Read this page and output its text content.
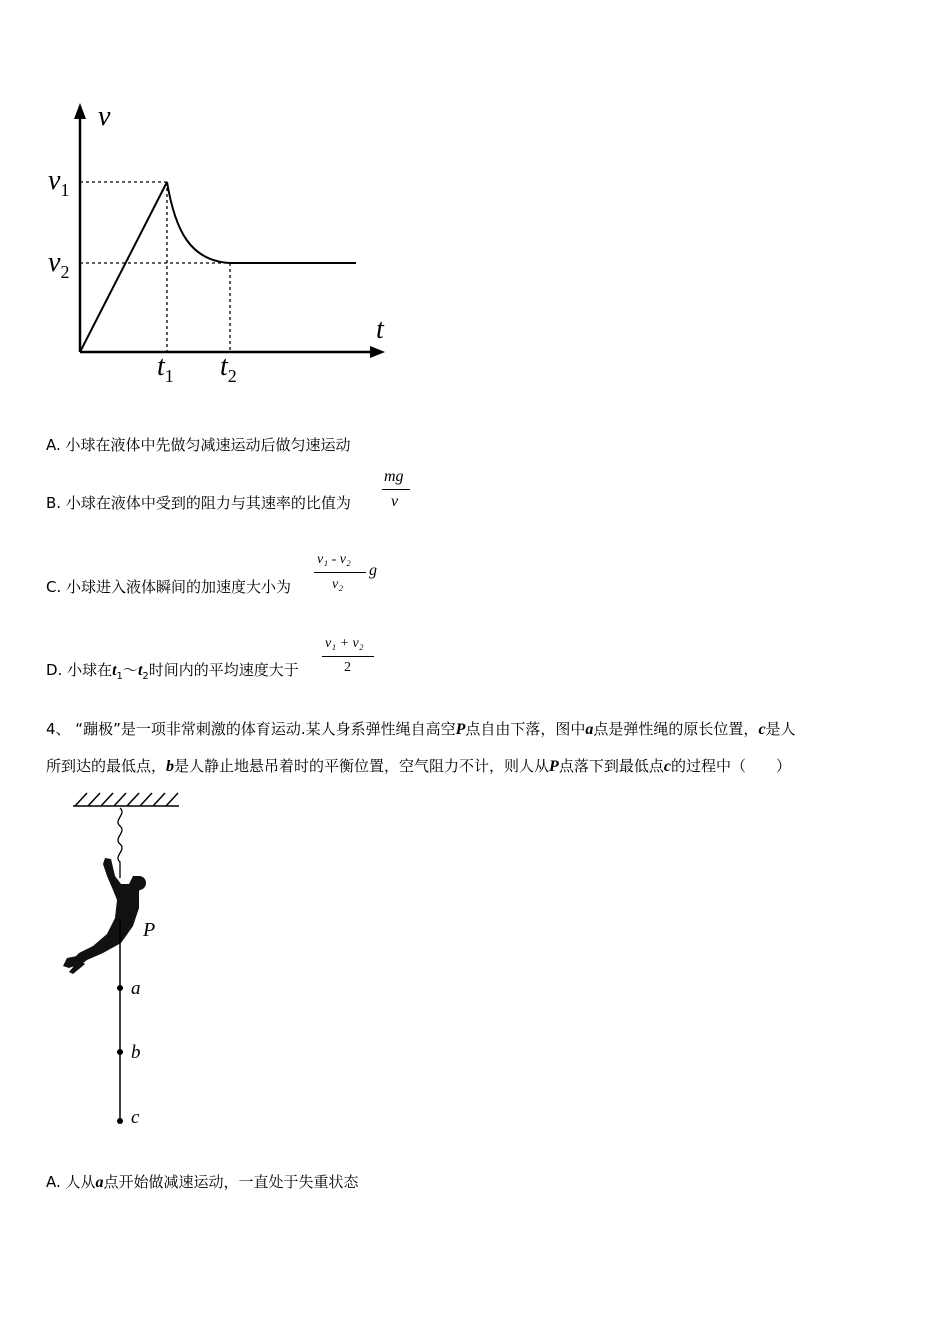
v
t
$v_1$
$v_2$
$t_1$ $t_2$
A. 小球在液体中先做匀减速运动后做匀速运动
B. 小球在液体中受到的阻力与其速率的比值为
mg
v
C. 小球进入液体瞬间的加速度大小为
v₁ - v₂
v₂
g
D. 小球在$t_1\sim t_2$时间内的平均速度大于
v₁ + v₂
2
4、 “蹦极”是一项非常刺激的体育运动.某人身系弹性绳自高空P点自由下落，图中a点是弹性绳的原长位置，c是人
所到达的最低点，b是人静止地悬吊着时的平衡位置，空气阻力不计，则人从P点落下到最低点c的过程中（　　）
P
a
b
c
A. 人从a点开始做减速运动，一直处于失重状态
